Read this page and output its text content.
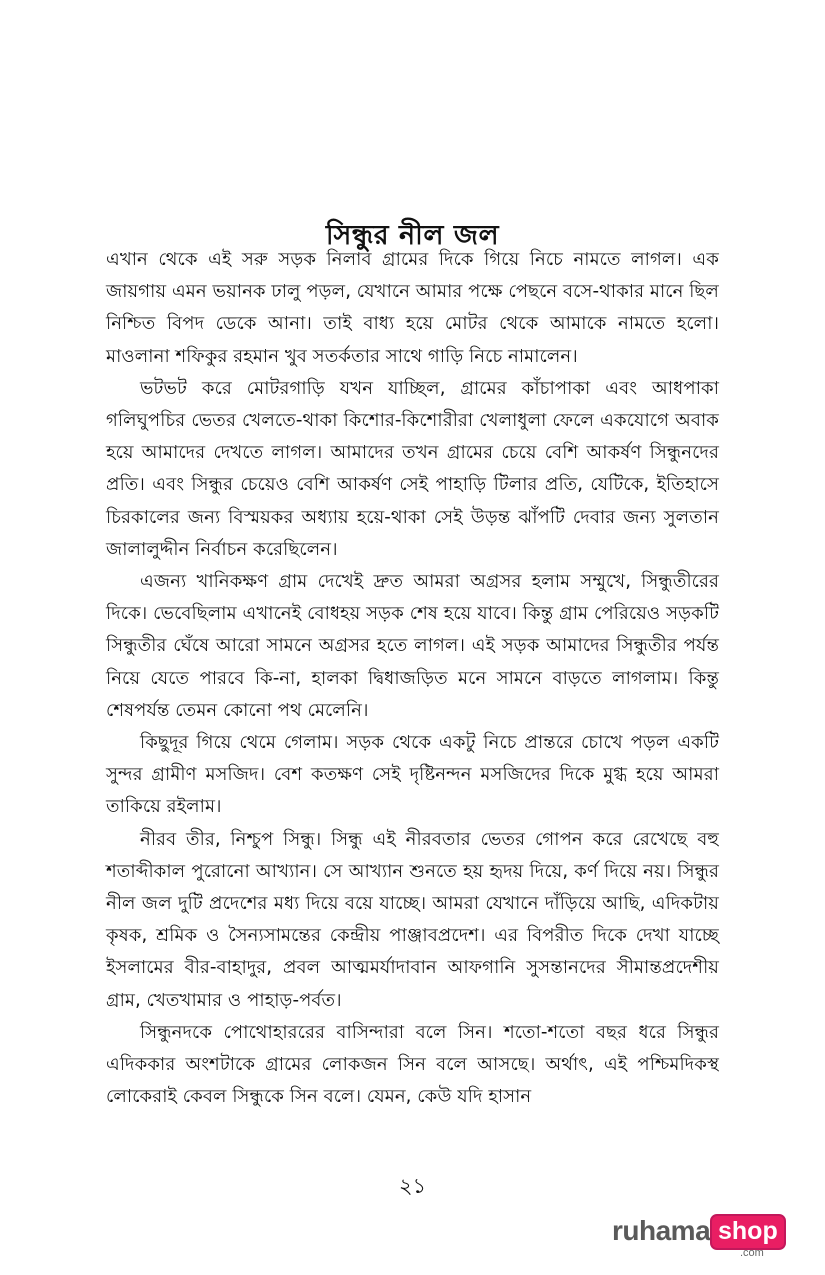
সিন্ধুর নীল জল

এখান থেকে এই সরু সড়ক নিলাব গ্রামের দিকে গিয়ে নিচে নামতে লাগল। এক জায়গায় এমন ভয়ানক ঢালু পড়ল, যেখানে আমার পক্ষে পেছনে বসে-থাকার মানে ছিল নিশ্চিত বিপদ ডেকে আনা। তাই বাধ্য হয়ে মোটর থেকে আমাকে নামতে হলো। মাওলানা শফিকুর রহমান খুব সতর্কতার সাথে গাড়ি নিচে নামালেন।

ভটভট করে মোটরগাড়ি যখন যাচ্ছিল, গ্রামের কাঁচাপাকা এবং আধপাকা গলিঘুপচির ভেতর খেলতে-থাকা কিশোর-কিশোরীরা খেলাধুলা ফেলে একযোগে অবাক হয়ে আমাদের দেখতে লাগল। আমাদের তখন গ্রামের চেয়ে বেশি আকর্ষণ সিন্ধুনদের প্রতি। এবং সিন্ধুর চেয়েও বেশি আকর্ষণ সেই পাহাড়ি টিলার প্রতি, যেটিকে, ইতিহাসে চিরকালের জন্য বিস্ময়কর অধ্যায় হয়ে-থাকা সেই উড়ন্ত ঝাঁপটি দেবার জন্য সুলতান জালালুদ্দীন নির্বাচন করেছিলেন।

এজন্য খানিকক্ষণ গ্রাম দেখেই দ্রুত আমরা অগ্রসর হলাম সম্মুখে, সিন্ধুতীরের দিকে। ভেবেছিলাম এখানেই বোধহয় সড়ক শেষ হয়ে যাবে। কিন্তু গ্রাম পেরিয়েও সড়কটি সিন্ধুতীর ঘেঁষে আরো সামনে অগ্রসর হতে লাগল। এই সড়ক আমাদের সিন্ধুতীর পর্যন্ত নিয়ে যেতে পারবে কি-না, হালকা দ্বিধাজড়িত মনে সামনে বাড়তে লাগলাম। কিন্তু শেষপর্যন্ত তেমন কোনো পথ মেলেনি।

কিছুদূর গিয়ে থেমে গেলাম। সড়ক থেকে একটু নিচে প্রান্তরে চোখে পড়ল একটি সুন্দর গ্রামীণ মসজিদ। বেশ কতক্ষণ সেই দৃষ্টিনন্দন মসজিদের দিকে মুগ্ধ হয়ে আমরা তাকিয়ে রইলাম।

নীরব তীর, নিশ্চুপ সিন্ধু। সিন্ধু এই নীরবতার ভেতর গোপন করে রেখেছে বহু শতাব্দীকাল পুরোনো আখ্যান। সে আখ্যান শুনতে হয় হৃদয় দিয়ে, কর্ণ দিয়ে নয়। সিন্ধুর নীল জল দুটি প্রদেশের মধ্য দিয়ে বয়ে যাচ্ছে। আমরা যেখানে দাঁড়িয়ে আছি, এদিকটায় কৃষক, শ্রমিক ও সৈন্যসামন্তের কেন্দ্রীয় পাঞ্জাবপ্রদেশ। এর বিপরীত দিকে দেখা যাচ্ছে ইসলামের বীর-বাহাদুর, প্রবল আত্মমর্যাদাবান আফগানি সুসন্তানদের সীমান্তপ্রদেশীয় গ্রাম, খেতখামার ও পাহাড়-পর্বত।

সিন্ধুনদকে পোথোহাররের বাসিন্দারা বলে সিন। শতো-শতো বছর ধরে সিন্ধুর এদিককার অংশটাকে গ্রামের লোকজন সিন বলে আসছে। অর্থাৎ, এই পশ্চিমদিকস্থ লোকেরাই কেবল সিন্ধুকে সিন বলে। যেমন, কেউ যদি হাসান

২১
ruhama shop
.com
